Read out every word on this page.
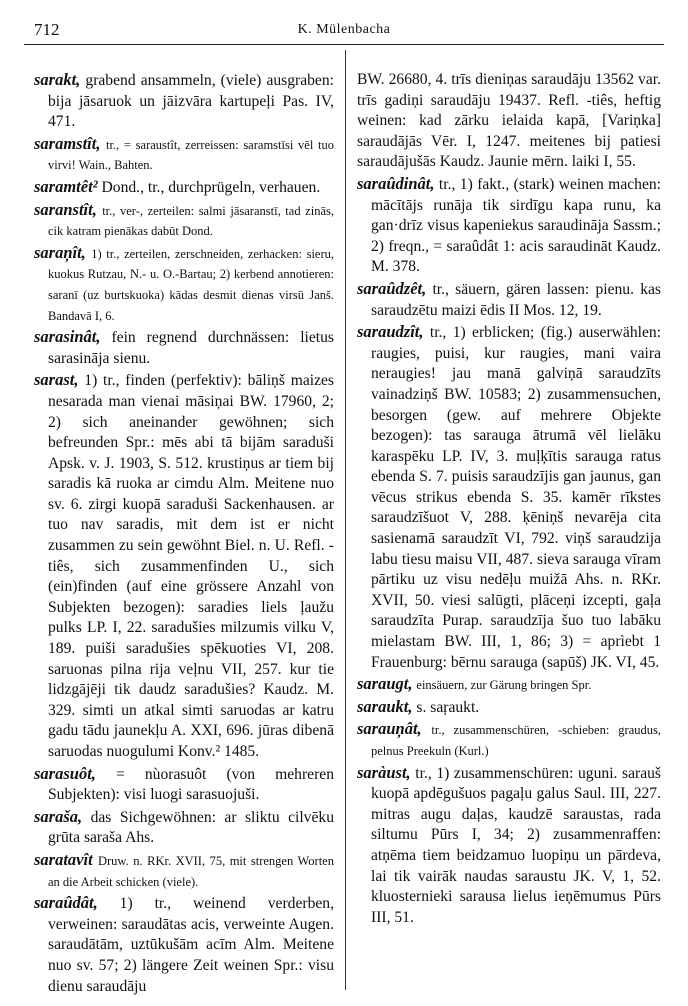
712	K. Mülenbacha
sarakt, grabend ansammeln, (viele) ausgraben: bija jāsaruok un jāizvāra kartupeļi Pas. IV, 471.
saramstît, tr., = saraustît, zerreissen: saramstīsi vēl tuo virvi! Wain., Bahten.
saramtêt² Dond., tr., durchprügeln, verhauen.
saranstît, tr., ver-, zerteilen: salmi jāsaranstī, tad zinās, cik katram pienākas dabūt Dond.
saraņît, 1) tr., zerteilen, zerschneiden, zerhacken: sieru, kuokus Rutzau, N.- u. O.-Bartau; 2) kerbend annotieren: saranī (uz burtskuoka) kādas desmit dienas virsū Janš. Bandavā I, 6.
sarasinât, fein regnend durchnässen: lietus sarasināja sienu.
sarast, 1) tr., finden (perfektiv): bāliņš maizes nesarada man vienai māsiņai BW. 17960, 2; 2) sich aneinander gewöhnen; sich befreunden Spr.: mēs abi tā bijām saraduši Apsk. v. J. 1903, S. 512. krustiņus ar tiem bij saradis kā ruoka ar cimdu Alm. Meitene nuo sv. 6. zirgi kuopā saraduši Sackenhausen. ar tuo nav saradis, mit dem ist er nicht zusammen zu sein gewöhnt Biel. n. U. Refl. -tiês, sich zusammenfinden U., sich (ein)finden (auf eine grössere Anzahl von Subjekten bezogen): saradies liels ļaužu pulks LP. I, 22. saradušies milzumis vilku V, 189. puiši saradušies spēkuoties VI, 208. saruonas pilna rija veļnu VII, 257. kur tie lidzgājēji tik daudz saradušies? Kaudz. M. 329. simti un atkal simti saruodas ar katru gadu tādu jaunekļu A. XXI, 696. jūras dibenā saruodas nuogulumi Konv.² 1485.
sarasuôt, = nùorasuôt (von mehreren Subjekten): visi luogi sarasuojuši.
saraša, das Sichgewöhnen: ar sliktu cilvēku grūta saraša Ahs.
saratavît Druw. n. RKr. XVII, 75, mit strengen Worten an die Arbeit schicken (viele).
saraûdât, 1) tr., weinend verderben, verweinen: saraudātas acis, verweinte Augen. saraudātām, uztūkušām acīm Alm. Meitene nuo sv. 57; 2) längere Zeit weinen Spr.: visu dienu saraudāju
BW. 26680, 4. trīs dieniņas saraudāju 13562 var. trīs gadiņi saraudāju 19437. Refl. -tiês, heftig weinen: kad zārku ielaida kapā, [Variņka] saraudājās Vēr. I, 1247. meitenes bij patiesi saraudājušās Kaudz. Jaunie mērn. laiki I, 55.
saraûdinât, tr., 1) fakt., (stark) weinen machen: mācītājs runāja tik sirdīgu kapa runu, ka gan·drīz visus kapeniekus saraudināja Sassm.; 2) freqn., = saraûdât 1: acis saraudināt Kaudz. M. 378.
saraûdzêt, tr., säuern, gären lassen: pienu. kas saraudzētu maizi ēdis II Mos. 12, 19.
saraudzît, tr., 1) erblicken; (fig.) auserwählen: raugies, puisi, kur raugies, mani vaira neraugies! jau manā galviņā saraudzīts vainadziņš BW. 10583; 2) zusammensuchen, besorgen (gew. auf mehrere Objekte bezogen): tas sarauga ātrumā vēl lielāku karaspēku LP. IV, 3. muļķītis sarauga ratus ebenda S. 7. puisis saraudzījis gan jaunus, gan vēcus strikus ebenda S. 35. kamēr rīkstes saraudzīšuot V, 288. ķēniņš nevarēja cita sasienamā saraudzīt VI, 792. viņš saraudzija labu tiesu maisu VII, 487. sieva sarauga vīram pārtiku uz visu nedēļu muižā Ahs. n. RKr. XVII, 50. viesi salūgti, plāceņi izcepti, gaļa saraudzīta Purap. saraudzīja šuo tuo labāku mielastam BW. III, 1, 86; 3) = aprìebt 1 Frauenburg: bērnu sarauga (sapūš) JK. VI, 45.
saraugt, einsäuern, zur Gärung bringen Spr.
saraukt, s. saŗaukt.
sarauņât, tr., zusammenschüren, -schieben: graudus, pelnus Preekuln (Kurl.)
saràust, tr., 1) zusammenschüren: uguni. sarauš kuopā apdēgušuos pagaļu galus Saul. III, 227. mitras augu daļas, kaudzē saraustas, rada siltumu Pūrs I, 34; 2) zusammenraffen: atņēma tiem beidzamuo luopiņu un pārdeva, lai tik vairāk naudas saraustu JK. V, 1, 52. kluosternieki sarausa lielus ieņēmumus Pūrs III, 51.
